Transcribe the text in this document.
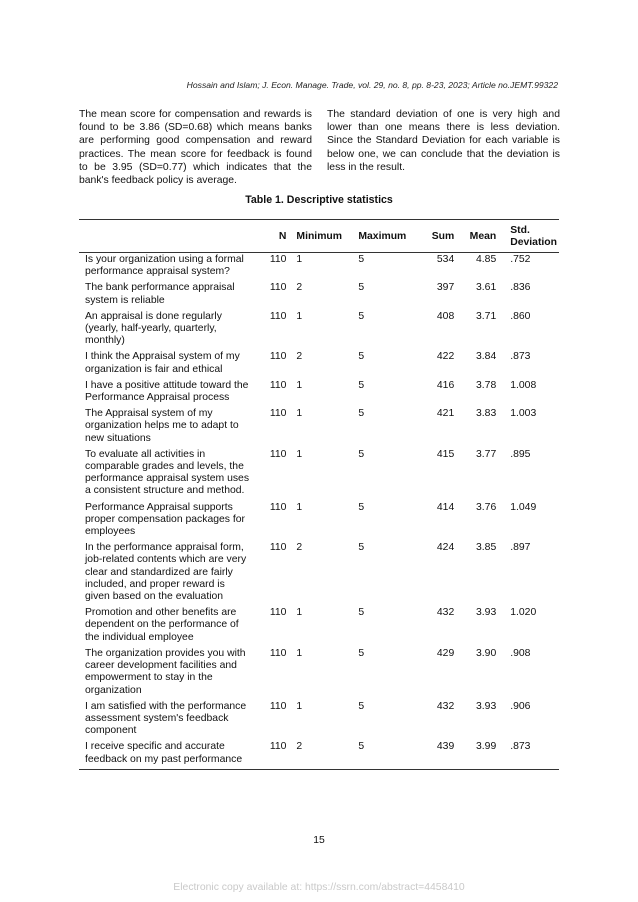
Hossain and Islam; J. Econ. Manage. Trade, vol. 29, no. 8, pp. 8-23, 2023; Article no.JEMT.99322
The mean score for compensation and rewards is found to be 3.86 (SD=0.68) which means banks are performing good compensation and reward practices. The mean score for feedback is found to be 3.95 (SD=0.77) which indicates that the bank's feedback policy is average.
The standard deviation of one is very high and lower than one means there is less deviation. Since the Standard Deviation for each variable is below one, we can conclude that the deviation is less in the result.
Table 1. Descriptive statistics
	N	Minimum	Maximum	Sum	Mean	Std. Deviation
Is your organization using a formal performance appraisal system?	110	1	5	534	4.85	.752
The bank performance appraisal system is reliable	110	2	5	397	3.61	.836
An appraisal is done regularly (yearly, half-yearly, quarterly, monthly)	110	1	5	408	3.71	.860
I think the Appraisal system of my organization is fair and ethical	110	2	5	422	3.84	.873
I have a positive attitude toward the Performance Appraisal process	110	1	5	416	3.78	1.008
The Appraisal system of my organization helps me to adapt to new situations	110	1	5	421	3.83	1.003
To evaluate all activities in comparable grades and levels, the performance appraisal system uses a consistent structure and method.	110	1	5	415	3.77	.895
Performance Appraisal supports proper compensation packages for employees	110	1	5	414	3.76	1.049
In the performance appraisal form, job-related contents which are very clear and standardized are fairly included, and proper reward is given based on the evaluation	110	2	5	424	3.85	.897
Promotion and other benefits are dependent on the performance of the individual employee	110	1	5	432	3.93	1.020
The organization provides you with career development facilities and empowerment to stay in the organization	110	1	5	429	3.90	.908
I am satisfied with the performance assessment system's feedback component	110	1	5	432	3.93	.906
I receive specific and accurate feedback on my past performance	110	2	5	439	3.99	.873
15
Electronic copy available at: https://ssrn.com/abstract=4458410
